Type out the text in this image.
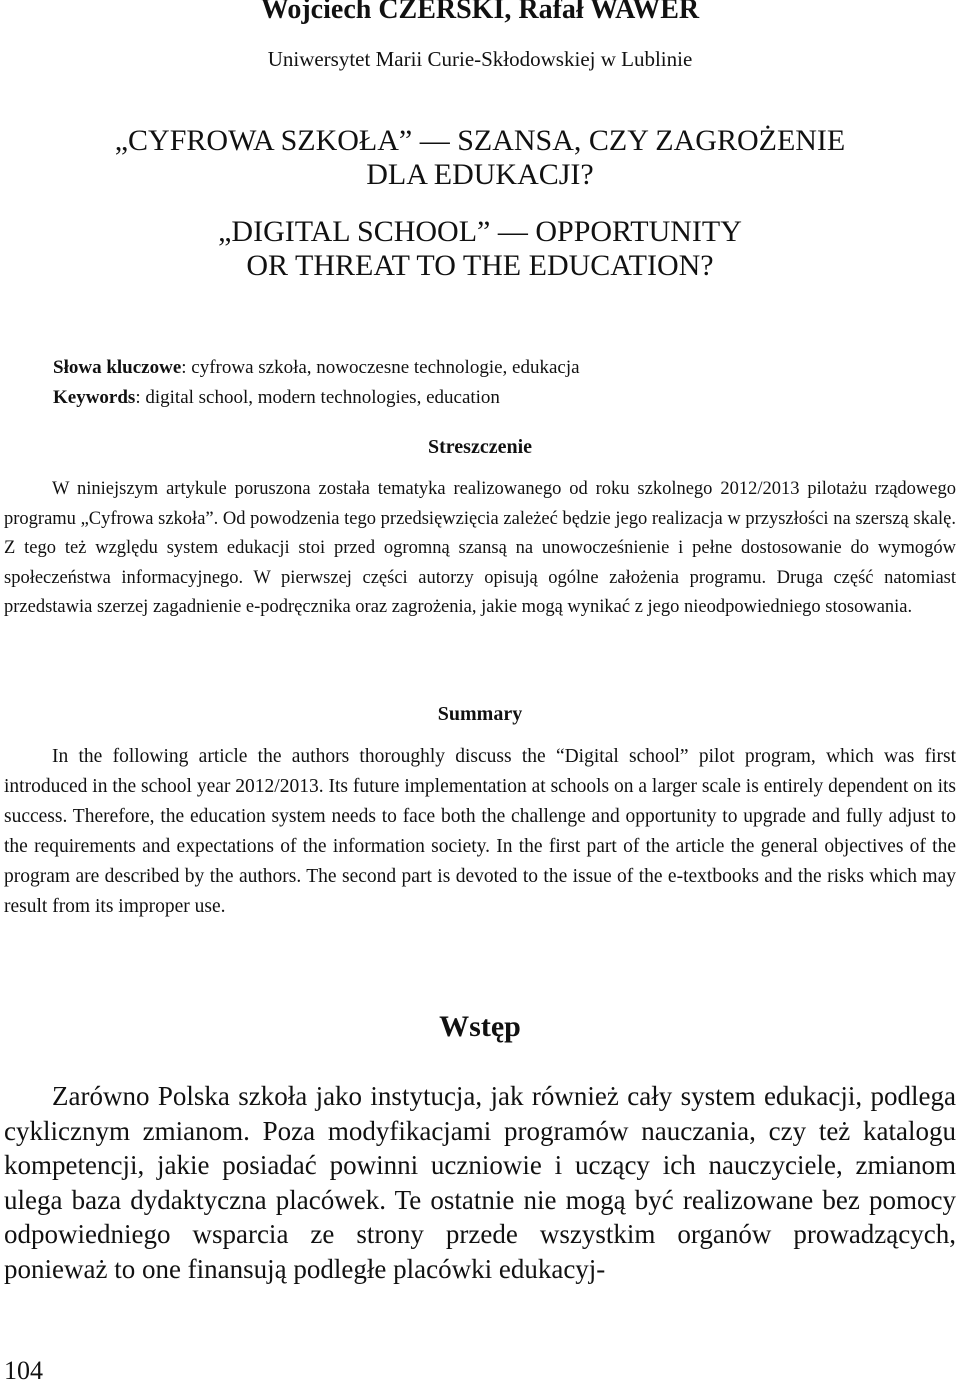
Wojciech CZERSKI, Rafał WAWER

Uniwersytet Marii Curie-Skłodowskiej w Lublinie

„CYFROWA SZKOŁA” — SZANSA, CZY ZAGROŻENIE
DLA EDUKACJI?
„DIGITAL SCHOOL” — OPPORTUNITY
OR THREAT TO THE EDUCATION?
Słowa kluczowe: cyfrowa szkoła, nowoczesne technologie, edukacja
Keywords: digital school, modern technologies, education
Streszczenie

W niniejszym artykule poruszona została tematyka realizowanego od roku szkolnego 2012/2013 pilotażu rządowego programu „Cyfrowa szkoła”. Od powodzenia tego przedsięwzięcia zależeć będzie jego realizacja w przyszłości na szerszą skalę. Z tego też względu system edukacji stoi przed ogromną szansą na unowocześnienie i pełne dostosowanie do wymogów społeczeństwa informacyjnego. W pierwszej części autorzy opisują ogólne założenia programu. Druga część natomiast przedstawia szerzej zagadnienie e-podręcznika oraz zagrożenia, jakie mogą wynikać z jego nieodpowiedniego stosowania.

Summary

In the following article the authors thoroughly discuss the “Digital school” pilot program, which was first introduced in the school year 2012/2013. Its future implementation at schools on a larger scale is entirely dependent on its success. Therefore, the education system needs to face both the challenge and opportunity to upgrade and fully adjust to the requirements and expectations of the information society. In the first part of the article the general objectives of the program are described by the authors. The second part is devoted to the issue of the e-textbooks and the risks which may result from its improper use.

Wstęp

Zarówno Polska szkoła jako instytucja, jak również cały system edukacji, podlega cyklicznym zmianom. Poza modyfikacjami programów nauczania, czy też katalogu kompetencji, jakie posiadać powinni uczniowie i uczący ich nauczyciele, zmianom ulega baza dydaktyczna placówek. Te ostatnie nie mogą być realizowane bez pomocy odpowiedniego wsparcia ze strony przede wszystkim organów prowadzących, ponieważ to one finansują podległe placówki edukacyj-

104
